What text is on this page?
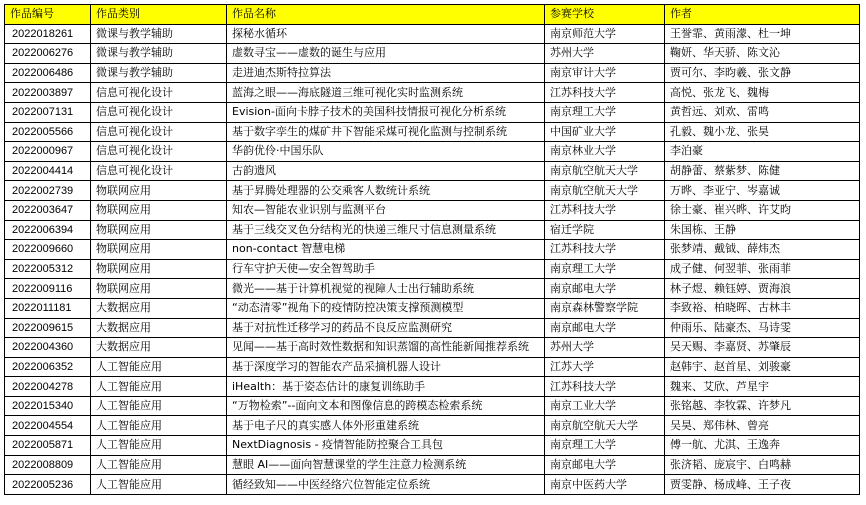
作品编号	作品类别	作品名称	参赛学校	作者
2022018261	微课与教学辅助	探秘水循环	南京师范大学	王誉霏、黄雨濛、杜一坤
2022006276	微课与教学辅助	虚数寻宝——虚数的诞生与应用	苏州大学	鞠妍、华天骄、陈文沁
2022006486	微课与教学辅助	走进迪杰斯特拉算法	南京审计大学	贾可尔、李昀羲、张文静
2022003897	信息可视化设计	蓝海之眼——海底隧道三维可视化实时监测系统	江苏科技大学	高悦、张龙飞、魏梅
2022007131	信息可视化设计	Evision-面向卡脖子技术的美国科技情报可视化分析系统	南京理工大学	黄哲远、刘欢、雷鸣
2022005566	信息可视化设计	基于数字孪生的煤矿井下智能采煤可视化监测与控制系统	中国矿业大学	孔毅、魏小龙、张昊
2022000967	信息可视化设计	华韵优伶·中国乐队	南京林业大学	李泊豪
2022004414	信息可视化设计	古韵遗风	南京航空航天大学	胡静蕾、蔡紫梦、陈健
2022002739	物联网应用	基于昇腾处理器的公交乘客人数统计系统	南京航空航天大学	万晔、李亚宁、岑嘉诚
2022003647	物联网应用	知农—智能农业识别与监测平台	江苏科技大学	徐士豪、崔兴晔、许艾昀
2022006394	物联网应用	基于三线交叉色分结构光的快递三维尺寸信息测量系统	宿迁学院	朱国栋、王静
2022009660	物联网应用	non-contact 智慧电梯	江苏科技大学	张梦靖、戴钺、薛炜杰
2022005312	物联网应用	行车守护天使—安全智驾助手	南京理工大学	成子健、何翌菲、张雨菲
2022009116	物联网应用	微光——基于计算机视觉的视障人士出行辅助系统	南京邮电大学	林子煜、赖钰婷、贾海浪
2022011181	大数据应用	“动态清零”视角下的疫情防控决策支撑预测模型	南京森林警察学院	李致裕、柏晓晖、古林丰
2022009615	大数据应用	基于对抗性迁移学习的药品不良反应监测研究	南京邮电大学	仲雨乐、陆豪杰、马诗雯
2022004360	大数据应用	见闻——基于高时效性数据和知识蒸馏的高性能新闻推荐系统	苏州大学	吴天赐、李嘉贤、苏肇辰
2022006352	人工智能应用	基于深度学习的智能农产品采摘机器人设计	江苏大学	赵韩宇、赵首星、刘骏豪
2022004278	人工智能应用	iHealth：基于姿态估计的康复训练助手	江苏科技大学	魏来、艾欣、芦星宇
2022015340	人工智能应用	“万物检索”--面向文本和图像信息的跨模态检索系统	南京工业大学	张铭越、李牧霖、许梦凡
2022004554	人工智能应用	基于电子尺的真实感人体外形重建系统	南京航空航天大学	吴昊、郑伟林、曾亮
2022005871	人工智能应用	NextDiagnosis - 疫情智能防控聚合工具包	南京理工大学	傅一航、尤淇、王逸奔
2022008809	人工智能应用	慧眼 AI——面向智慧课堂的学生注意力检测系统	南京邮电大学	张济韬、庞宸宇、白鸣赫
2022005236	人工智能应用	循经致知——中医经络穴位智能定位系统	南京中医药大学	贾雯静、杨成峰、王子夜
